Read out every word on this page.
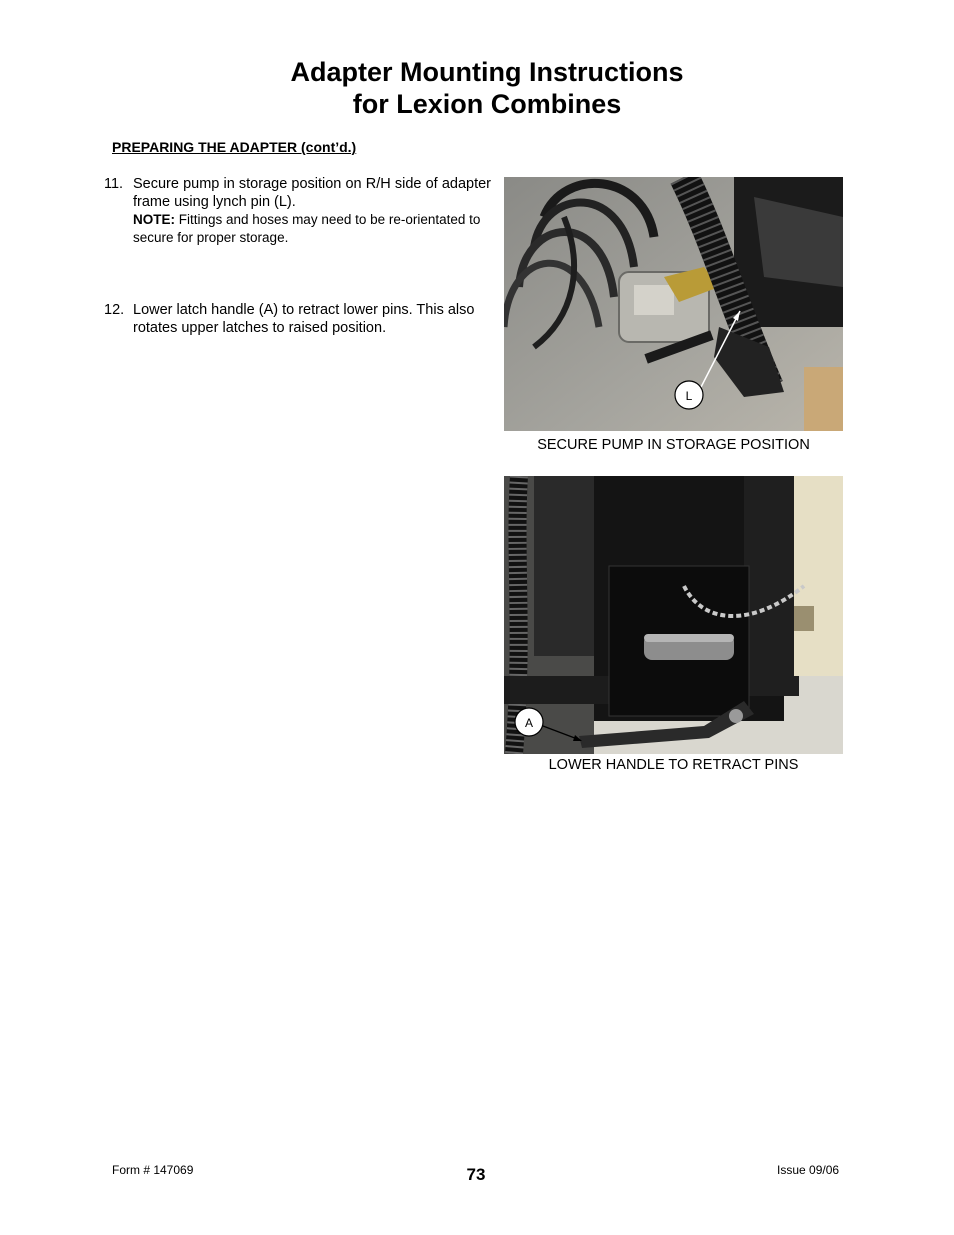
Adapter Mounting Instructions
for Lexion Combines
PREPARING THE ADAPTER (cont’d.)
11. Secure pump in storage position on R/H side of adapter frame using lynch pin (L).
NOTE: Fittings and hoses may need to be re-orientated to secure for proper storage.
12. Lower latch handle (A) to retract lower pins. This also rotates upper latches to raised position.
L
SECURE PUMP IN STORAGE POSITION
A
LOWER HANDLE TO RETRACT PINS
Form # 147069	73	Issue 09/06
